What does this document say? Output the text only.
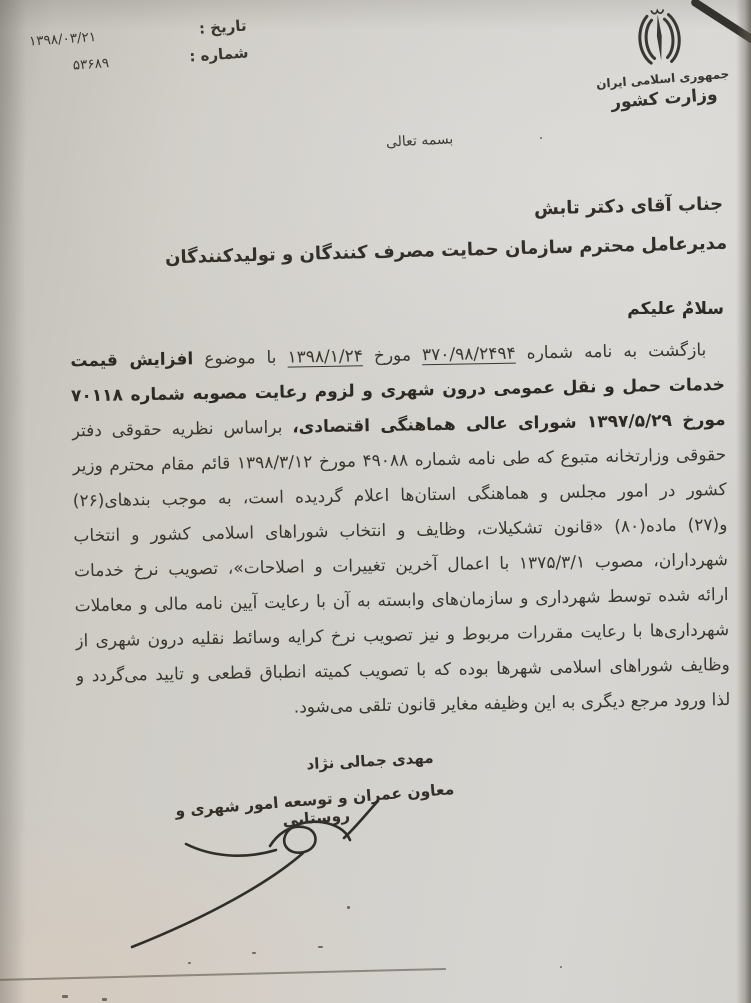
جمهوری اسلامی ایران
وزارت کشور
تاریخ :
۱۳۹۸/۰۳/۲۱
شماره :
۵۳۶۸۹
بسمه تعالی
جناب آقای دکتر تابش
مدیرعامل محترم سازمان حمایت مصرف کنندگان و تولیدکنندگان
سلامٌ علیکم
بازگشت به نامه شماره ۳۷۰/۹۸/۲۴۹۴ مورخ ۱۳۹۸/۱/۲۴ با موضوع افزایش قیمت
خدمات حمل و نقل عمومی درون شهری و لزوم رعایت مصوبه شماره ۷۰۱۱۸
مورخ ۱۳۹۷/۵/۲۹ شورای عالی هماهنگی اقتصادی، براساس نظریه حقوقی دفتر
حقوقی وزارتخانه متبوع که طی نامه شماره ۴۹۰۸۸ مورخ ۱۳۹۸/۳/۱۲ قائم مقام محترم وزیر
کشور در امور مجلس و هماهنگی استان‌ها اعلام گردیده است، به موجب بندهای(۲۶)
و(۲۷) ماده(۸۰) «قانون تشکیلات، وظایف و انتخاب شوراهای اسلامی کشور و انتخاب
شهرداران، مصوب ۱۳۷۵/۳/۱ با اعمال آخرین تغییرات و اصلاحات»، تصویب نرخ خدمات
ارائه شده توسط شهرداری و سازمان‌های وابسته به آن با رعایت آیین نامه مالی و معاملات
شهرداری‌ها با رعایت مقررات مربوط و نیز تصویب نرخ کرایه وسائط نقلیه درون شهری از
وظایف شوراهای اسلامی شهرها بوده که با تصویب کمیته انطباق قطعی و تایید می‌گردد و
لذا ورود مرجع دیگری به این وظیفه مغایر قانون تلقی می‌شود.
مهدی جمالی نژاد
معاون عمران و توسعه امور شهری و روستایی
